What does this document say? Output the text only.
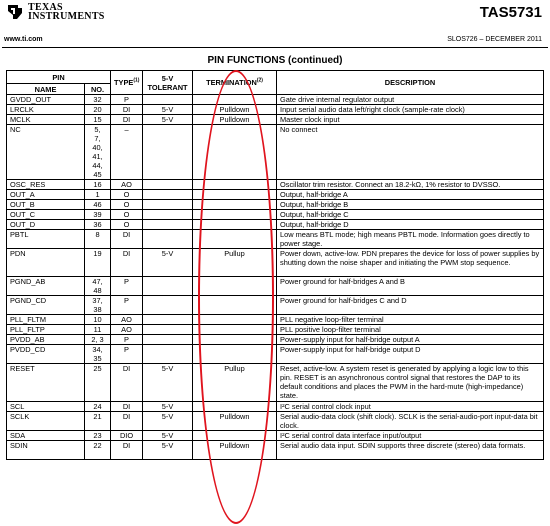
TEXAS
INSTRUMENTS	TAS5731
www.ti.com	SLOS726 – DECEMBER 2011
PIN FUNCTIONS (continued)
PIN		TYPE$^{(1)}$	5-V
TOLERANT	TERMINATION$^{(2)}$	DESCRIPTION
NAME	NO.				
GVDD_OUT	32	P			Gate drive internal regulator output
LRCLK	20	DI	5-V	Pulldown	Input serial audio data left/right clock (sample-rate clock)
MCLK	15	DI	5-V	Pulldown	Master clock input
NC	5, 7, 40, 41, 44, 45	–			No connect
OSC_RES	16	AO			Oscillator trim resistor. Connect an 18.2-kΩ, 1% resistor to DVSSO.
OUT_A	1	O			Output, half-bridge A
OUT_B	46	O			Output, half-bridge B
OUT_C	39	O			Output, half-bridge C
OUT_D	36	O			Output, half-bridge D
PBTL	8	DI			Low means BTL mode; high means PBTL mode. Information goes directly to power stage.
PDN	19	DI	5-V	Pullup	Power down, active-low. PDN prepares the device for loss of power supplies by shutting down the noise shaper and initiating the PWM stop sequence.
PGND_AB	47, 48	P			Power ground for half-bridges A and B
PGND_CD	37, 38	P			Power ground for half-bridges C and D
PLL_FLTM	10	AO			PLL negative loop-filter terminal
PLL_FLTP	11	AO			PLL positive loop-filter terminal
PVDD_AB	2, 3	P			Power-supply input for half-bridge output A
PVDD_CD	34, 35	P			Power-supply input for half-bridge output D
RESET	25	DI	5-V	Pullup	Reset, active-low. A system reset is generated by applying a logic low to this pin. RESET is an asynchronous control signal that restores the DAP to its default conditions and places the PWM in the hard-mute (high-impedance) state.
SCL	24	DI	5-V		I²C serial control clock input
SCLK	21	DI	5-V	Pulldown	Serial audio-data clock (shift clock). SCLK is the serial-audio-port input-data bit clock.
SDA	23	DIO	5-V		I²C serial control data interface input/output
SDIN	22	DI	5-V	Pulldown	Serial audio data input. SDIN supports three discrete (stereo) data formats.
